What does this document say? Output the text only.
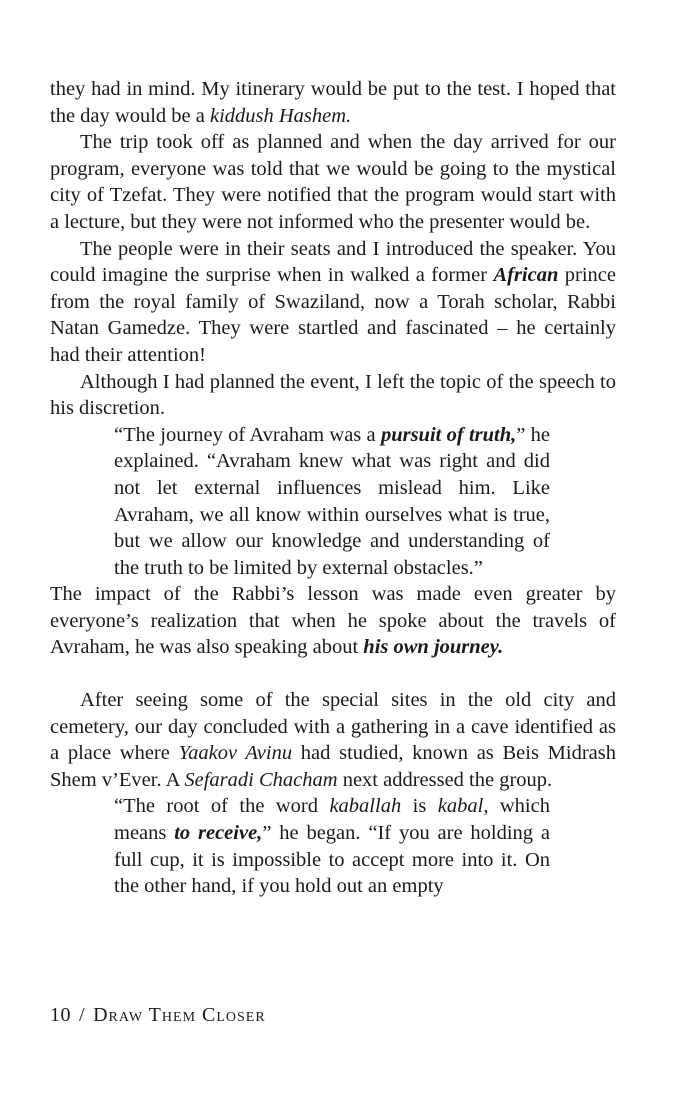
they had in mind. My itinerary would be put to the test. I hoped that the day would be a kiddush Hashem.

The trip took off as planned and when the day arrived for our program, everyone was told that we would be going to the mystical city of Tzefat. They were notified that the program would start with a lecture, but they were not informed who the presenter would be.

The people were in their seats and I introduced the speaker. You could imagine the surprise when in walked a former African prince from the royal family of Swaziland, now a Torah scholar, Rabbi Natan Gamedze. They were startled and fascinated – he certainly had their attention!

Although I had planned the event, I left the topic of the speech to his discretion.

“The journey of Avraham was a pursuit of truth,” he explained. “Avraham knew what was right and did not let external influences mislead him. Like Avraham, we all know within ourselves what is true, but we allow our knowledge and understanding of the truth to be limited by external obstacles.”

The impact of the Rabbi’s lesson was made even greater by everyone’s realization that when he spoke about the travels of Avraham, he was also speaking about his own journey.

After seeing some of the special sites in the old city and cemetery, our day concluded with a gathering in a cave identified as a place where Yaakov Avinu had studied, known as Beis Midrash Shem v’Ever. A Sefaradi Chacham next addressed the group.

“The root of the word kaballah is kabal, which means to receive,” he began. “If you are holding a full cup, it is impossible to accept more into it. On the other hand, if you hold out an empty

10 / Draw Them Closer
